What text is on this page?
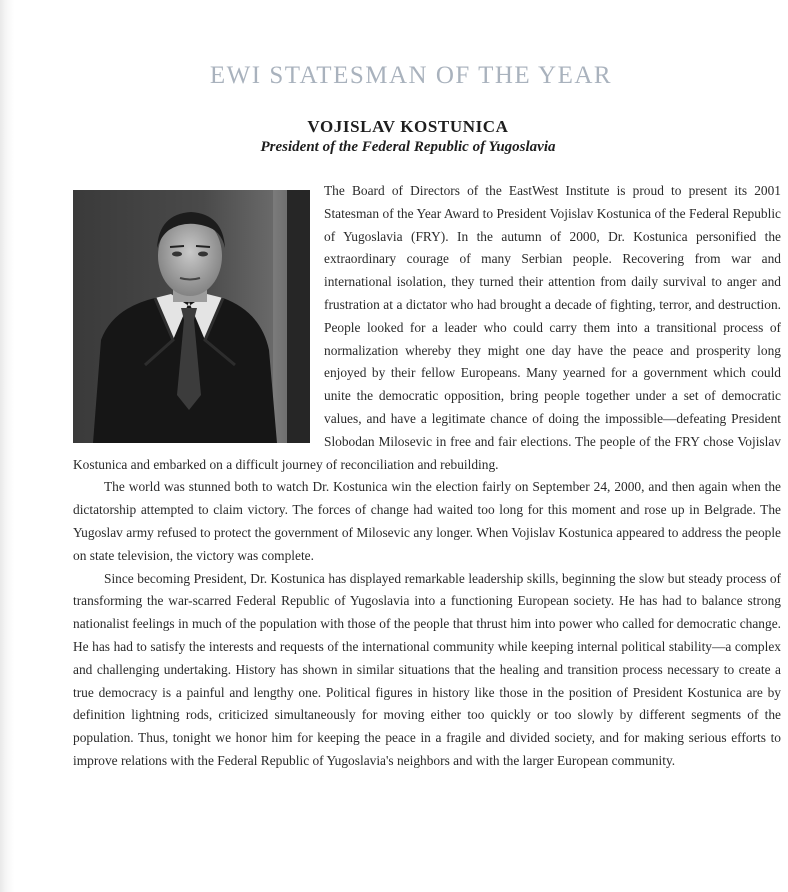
EWI STATESMAN OF THE YEAR
VOJISLAV KOSTUNICA
President of the Federal Republic of Yugoslavia

The Board of Directors of the EastWest Institute is proud to present its 2001 Statesman of the Year Award to President Vojislav Kostunica of the Federal Republic of Yugoslavia (FRY). In the autumn of 2000, Dr. Kostunica personified the extraordinary courage of many Serbian people. Recovering from war and international isolation, they turned their attention from daily survival to anger and frustration at a dictator who had brought a decade of fighting, terror, and destruction. People looked for a leader who could carry them into a transitional process of normalization whereby they might one day have the peace and prosperity long enjoyed by their fellow Europeans. Many yearned for a government which could unite the democratic opposition, bring people together under a set of democratic values, and have a legitimate chance of doing the impossible—defeating President Slobodan Milosevic in free and fair elections. The people of the FRY chose Vojislav Kostunica and embarked on a difficult journey of reconciliation and rebuilding.

The world was stunned both to watch Dr. Kostunica win the election fairly on September 24, 2000, and then again when the dictatorship attempted to claim victory. The forces of change had waited too long for this moment and rose up in Belgrade. The Yugoslav army refused to protect the government of Milosevic any longer. When Vojislav Kostunica appeared to address the people on state television, the victory was complete.

Since becoming President, Dr. Kostunica has displayed remarkable leadership skills, beginning the slow but steady process of transforming the war-scarred Federal Republic of Yugoslavia into a functioning European society. He has had to balance strong nationalist feelings in much of the population with those of the people that thrust him into power who called for democratic change. He has had to satisfy the interests and requests of the international community while keeping internal political stability—a complex and challenging undertaking. History has shown in similar situations that the healing and transition process necessary to create a true democracy is a painful and lengthy one. Political figures in history like those in the position of President Kostunica are by definition lightning rods, criticized simultaneously for moving either too quickly or too slowly by different segments of the population. Thus, tonight we honor him for keeping the peace in a fragile and divided society, and for making serious efforts to improve relations with the Federal Republic of Yugoslavia's neighbors and with the larger European community.
